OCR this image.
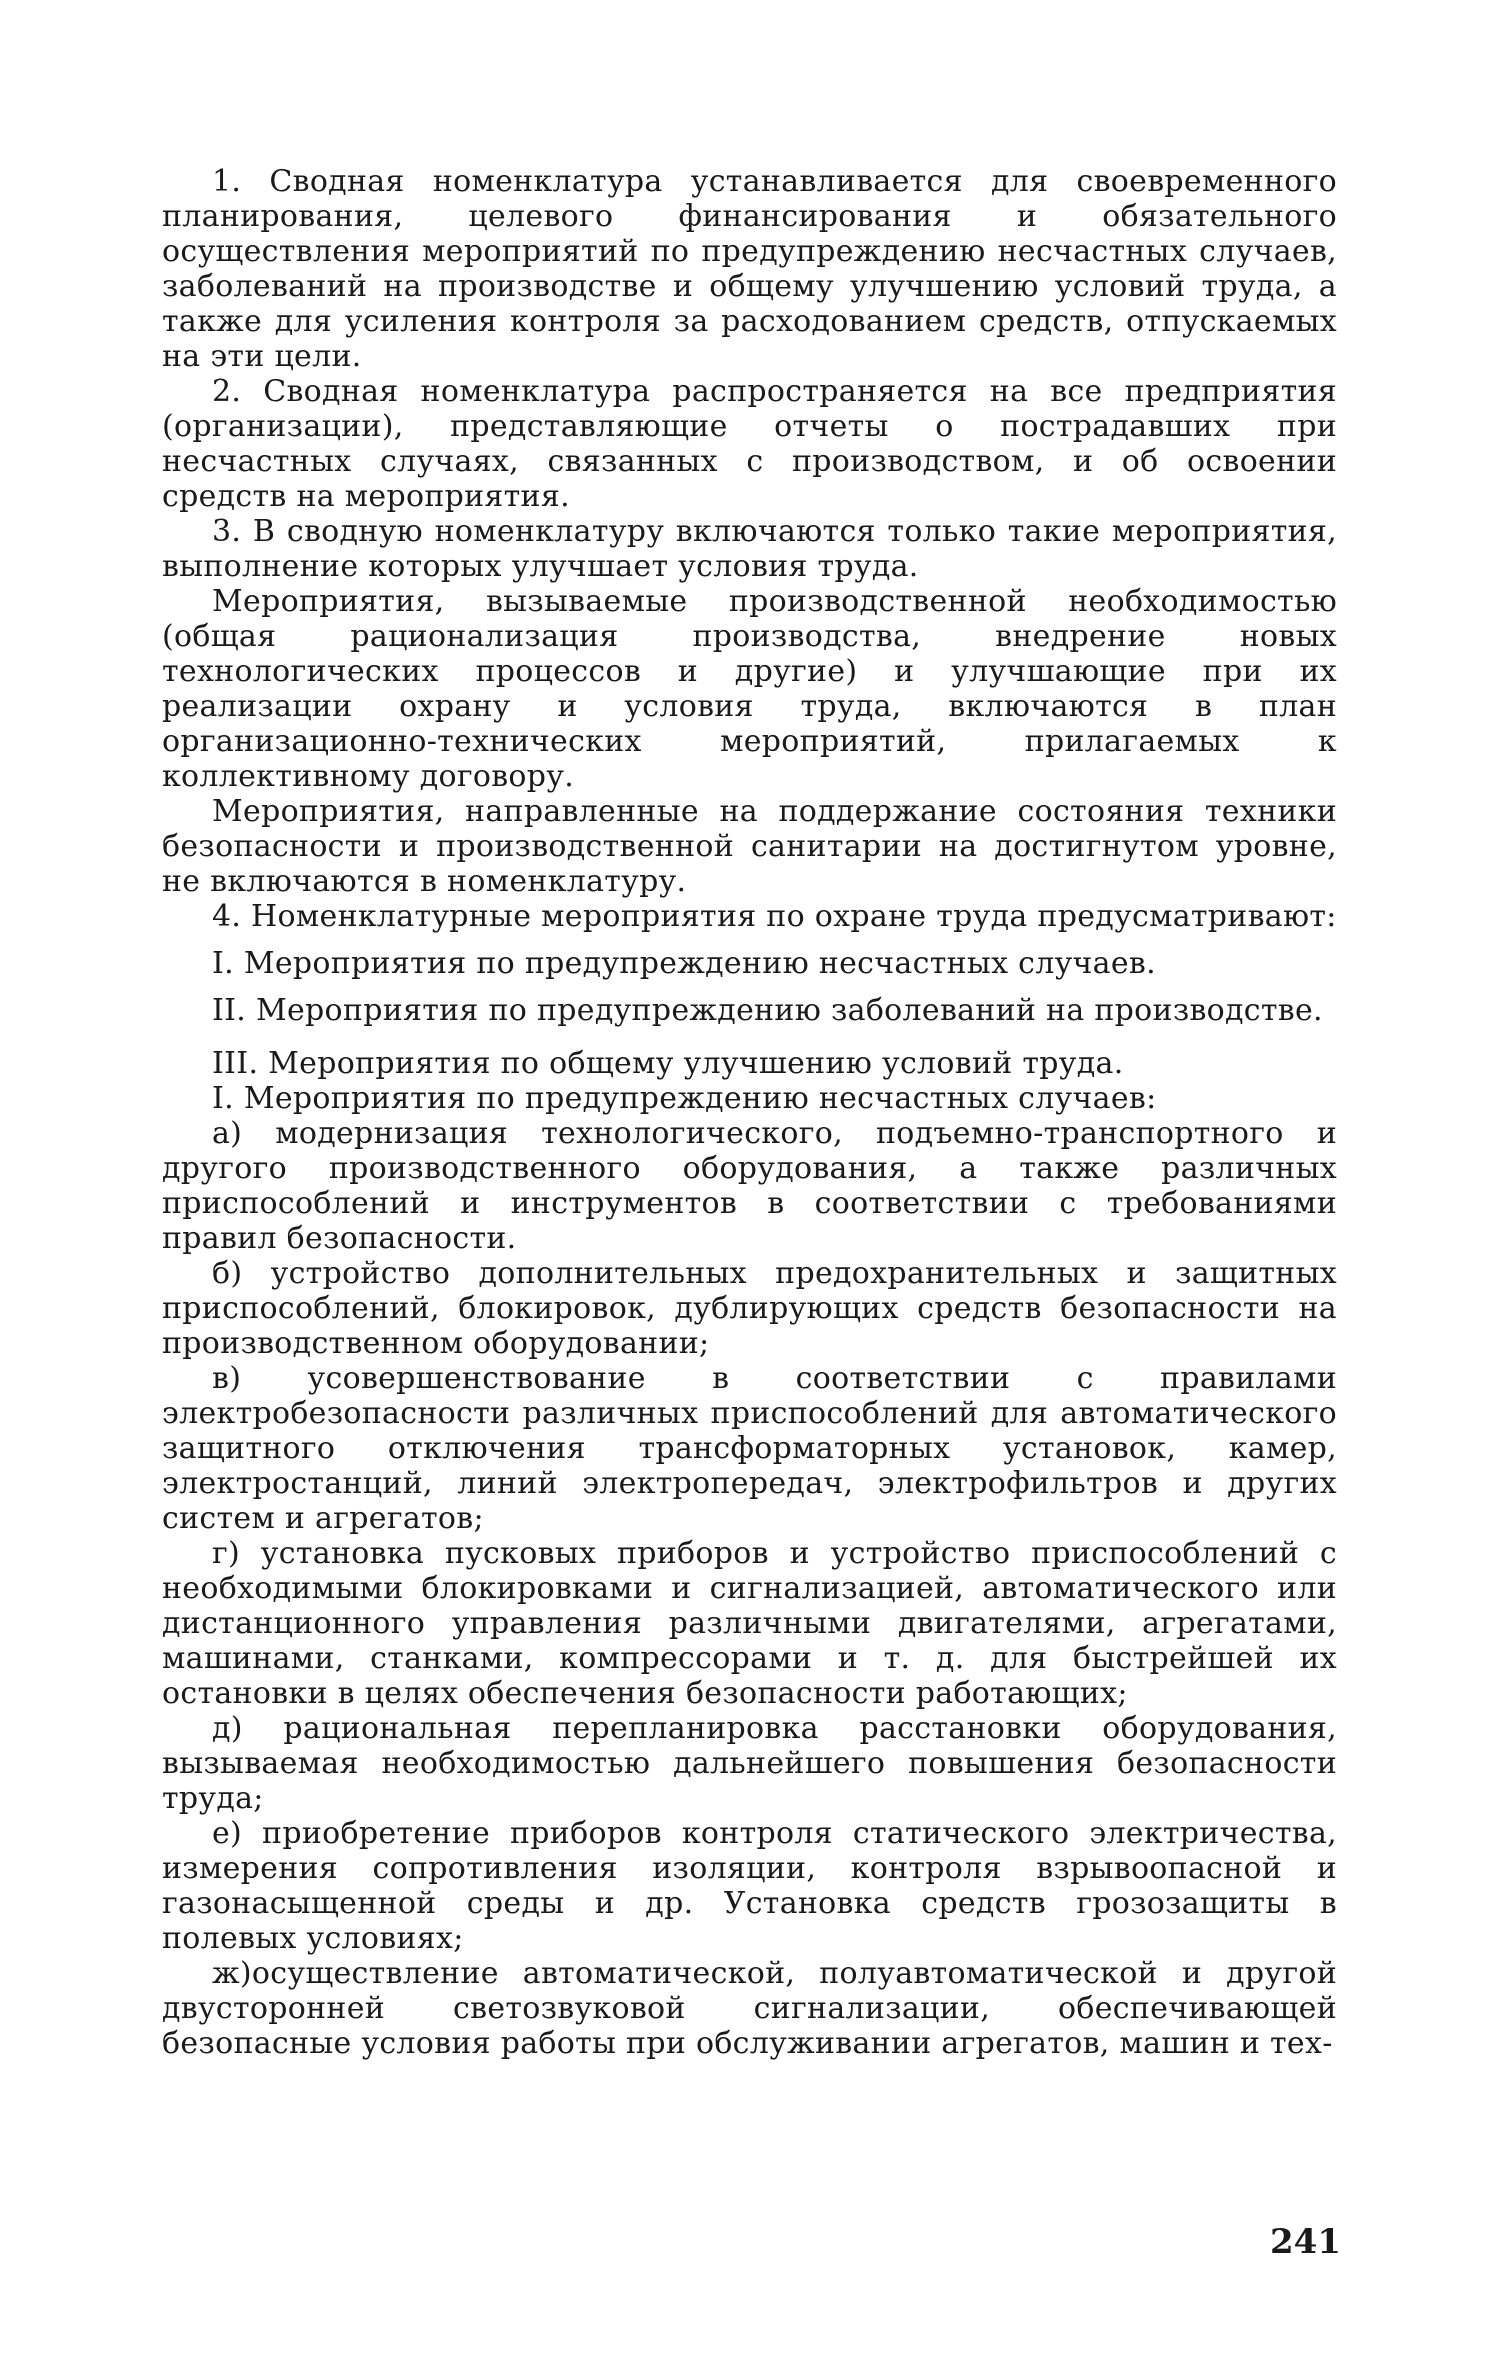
1. Сводная номенклатура устанавливается для своевременного планирования, целевого финансирования и обязательного осуществления мероприятий по предупреждению несчастных случаев, заболеваний на производстве и общему улучшению условий труда, а также для усиления контроля за расходованием средств, отпускаемых на эти цели.

2. Сводная номенклатура распространяется на все предприятия (организации), представляющие отчеты о пострадавших при несчастных случаях, связанных с производством, и об освоении средств на мероприятия.

3. В сводную номенклатуру включаются только такие мероприятия, выполнение которых улучшает условия труда.

Мероприятия, вызываемые производственной необходимостью (общая рационализация производства, внедрение новых технологических процессов и другие) и улучшающие при их реализации охрану и условия труда, включаются в план организационно-технических мероприятий, прилагаемых к коллективному договору.

Мероприятия, направленные на поддержание состояния техники безопасности и производственной санитарии на достигнутом уровне, не включаются в номенклатуру.

4. Номенклатурные мероприятия по охране труда предусматривают:

I. Мероприятия по предупреждению несчастных случаев.

II. Мероприятия по предупреждению заболеваний на производстве.

III. Мероприятия по общему улучшению условий труда.

I. Мероприятия по предупреждению несчастных случаев:

а) модернизация технологического, подъемно-транспортного и другого производственного оборудования, а также различных приспособлений и инструментов в соответствии с требованиями правил безопасности.

б) устройство дополнительных предохранительных и защитных приспособлений, блокировок, дублирующих средств безопасности на производственном оборудовании;

в) усовершенствование в соответствии с правилами электробезопасности различных приспособлений для автоматического защитного отключения трансформаторных установок, камер, электростанций, линий электропередач, электрофильтров и других систем и агрегатов;

г) установка пусковых приборов и устройство приспособлений с необходимыми блокировками и сигнализацией, автоматического или дистанционного управления различными двигателями, агрегатами, машинами, станками, компрессорами и т. д. для быстрейшей их остановки в целях обеспечения безопасности работающих;

д) рациональная перепланировка расстановки оборудования, вызываемая необходимостью дальнейшего повышения безопасности труда;

е) приобретение приборов контроля статического электричества, измерения сопротивления изоляции, контроля взрывоопасной и газонасыщенной среды и др. Установка средств грозозащиты в полевых условиях;

ж)осуществление автоматической, полуавтоматической и другой двусторонней светозвуковой сигнализации, обеспечивающей безопасные условия работы при обслуживании агрегатов, машин и тех-

241
